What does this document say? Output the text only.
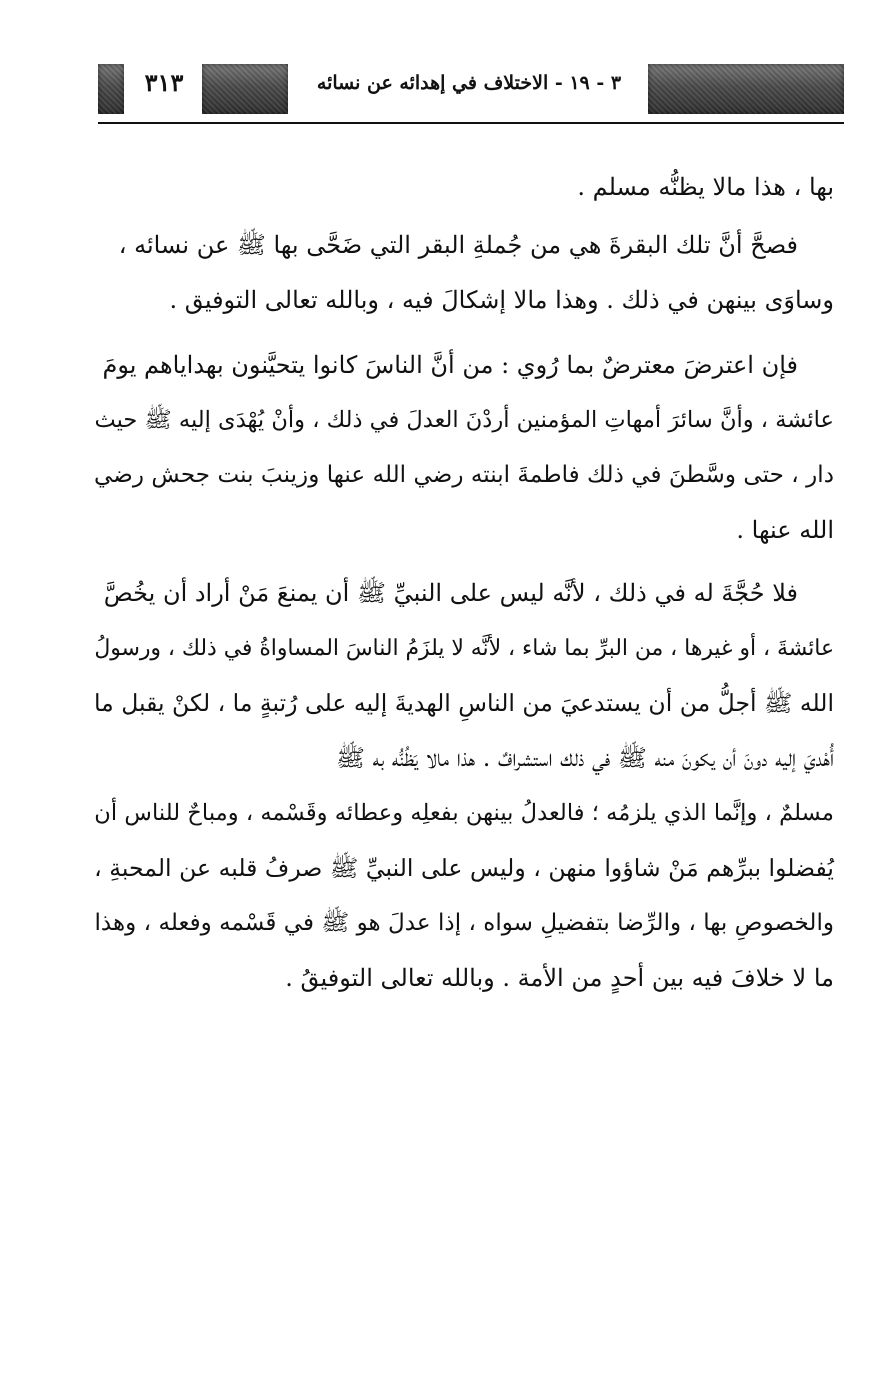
٣١٣	٣ - ١٩ - الاختلاف في إهدائه عن نسائه

بها ، هذا مالا يظنُّه مسلم .

فصحَّ أنَّ تلك البقرةَ هي من جُملةِ البقر التي ضَحَّى بها ﷺ عن نسائه ،
وساوَى بينهن في ذلك . وهذا مالا إشكالَ فيه ، وبالله تعالى التوفيق .

فإن اعترضَ معترضٌ بما رُوي : من أنَّ الناسَ كانوا يتحيَّنون بهداياهم يومَ
عائشة ، وأنَّ سائرَ أمهاتِ المؤمنين أردْنَ العدلَ في ذلك ، وأنْ يُهْدَى إليه ﷺ حيث
دار ، حتى وسَّطنَ في ذلك فاطمةَ ابنته رضي الله عنها وزينبَ بنت جحش رضي
الله عنها .

فلا حُجَّةَ له في ذلك ، لأنَّه ليس على النبيِّ ﷺ أن يمنعَ مَنْ أراد أن يخُصَّ
عائشةَ ، أو غيرها ، من البرِّ بما شاء ، لأنَّه لا يلزَمُ الناسَ المساواةُ في ذلك ، ورسولُ
الله ﷺ أجلُّ من أن يستدعيَ من الناسِ الهديةَ إليه على رُتبةٍ ما ، لكنْ يقبل ما
أُهْديَ إليه دونَ أن يكونَ منه ﷺ في ذلك استشرافٌ . هذا مالا يَظُنُّه به ﷺ
مسلمٌ ، وإنَّما الذي يلزمُه ؛ فالعدلُ بينهن بفعلِه وعطائه وقَسْمه ، ومباحٌ للناس أن
يُفضلوا ببرِّهم مَنْ شاؤوا منهن ، وليس على النبيِّ ﷺ صرفُ قلبه عن المحبةِ ،
والخصوصِ بها ، والرِّضا بتفضيلِ سواه ، إذا عدلَ هو ﷺ في قَسْمه وفعله ، وهذا
ما لا خلافَ فيه بين أحدٍ من الأمة . وبالله تعالى التوفيقُ .
